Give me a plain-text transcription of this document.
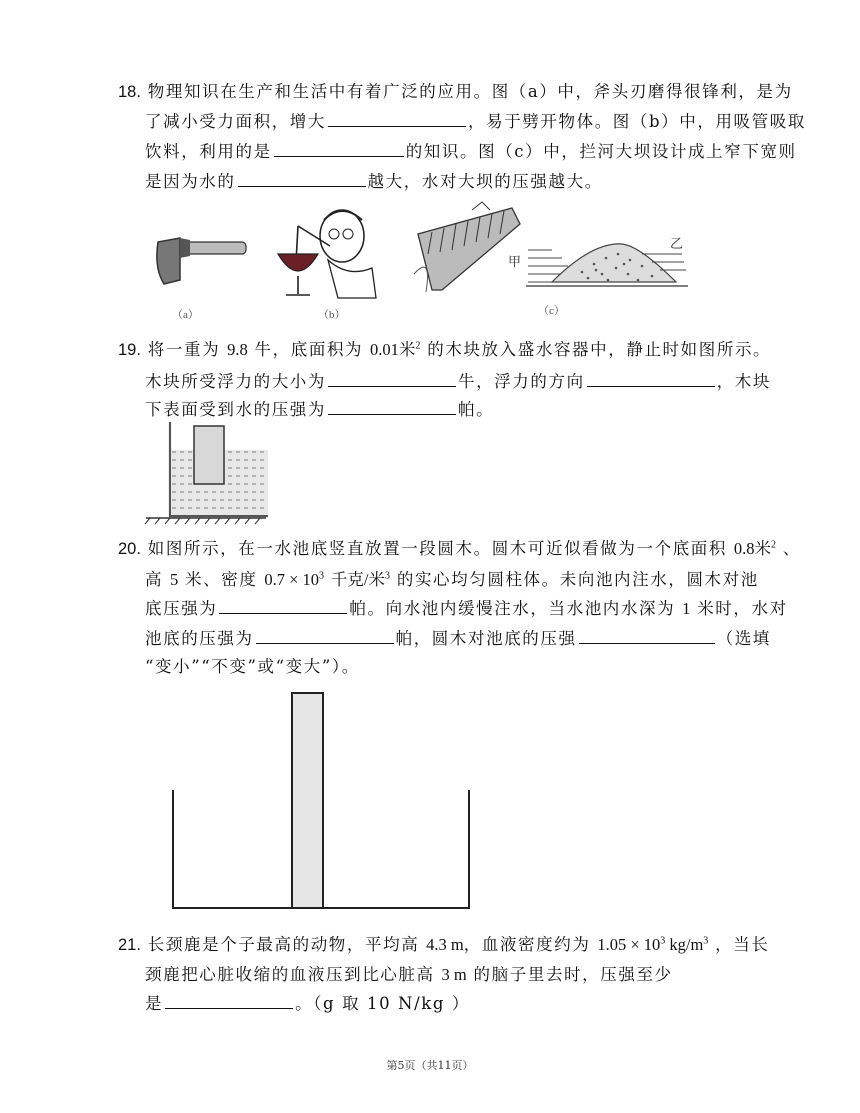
18. 物理知识在生产和生活中有着广泛的应用。图（a）中，斧头刃磨得很锋利，是为
了减小受力面积，增大	，易于劈开物体。图（b）中，用吸管吸取
饮料，利用的是	的知识。图（c）中，拦河大坝设计成上窄下宽则
是因为水的	越大，水对大坝的压强越大。
（a）	（b）
甲
乙
（c）
19. 将一重为 9.8 牛，底面积为 0.01米$^2$ 的木块放入盛水容器中，静止时如图所示。
木块所受浮力的大小为	牛，浮力的方向	，木块
下表面受到水的压强为	帕。
20. 如图所示，在一水池底竖直放置一段圆木。圆木可近似看做为一个底面积 0.8米$^2$ 、
高 5 米、密度 $0.7 \times 10^3$ 千克/米$^3$ 的实心均匀圆柱体。未向池内注水，圆木对池
底压强为	帕。向水池内缓慢注水，当水池内水深为 1 米时，水对
池底的压强为	帕，圆木对池底的压强	（选填
“变小”“不变”或“变大”）。
21. 长颈鹿是个子最高的动物，平均高 4.3 m，血液密度约为 $1.05 \times 10^3$ $kg/m^3$ ，当长
颈鹿把心脏收缩的血液压到比心脏高 3 m 的脑子里去时，压强至少
是	。（g 取 10 N/kg ）
第5页（共11页）
